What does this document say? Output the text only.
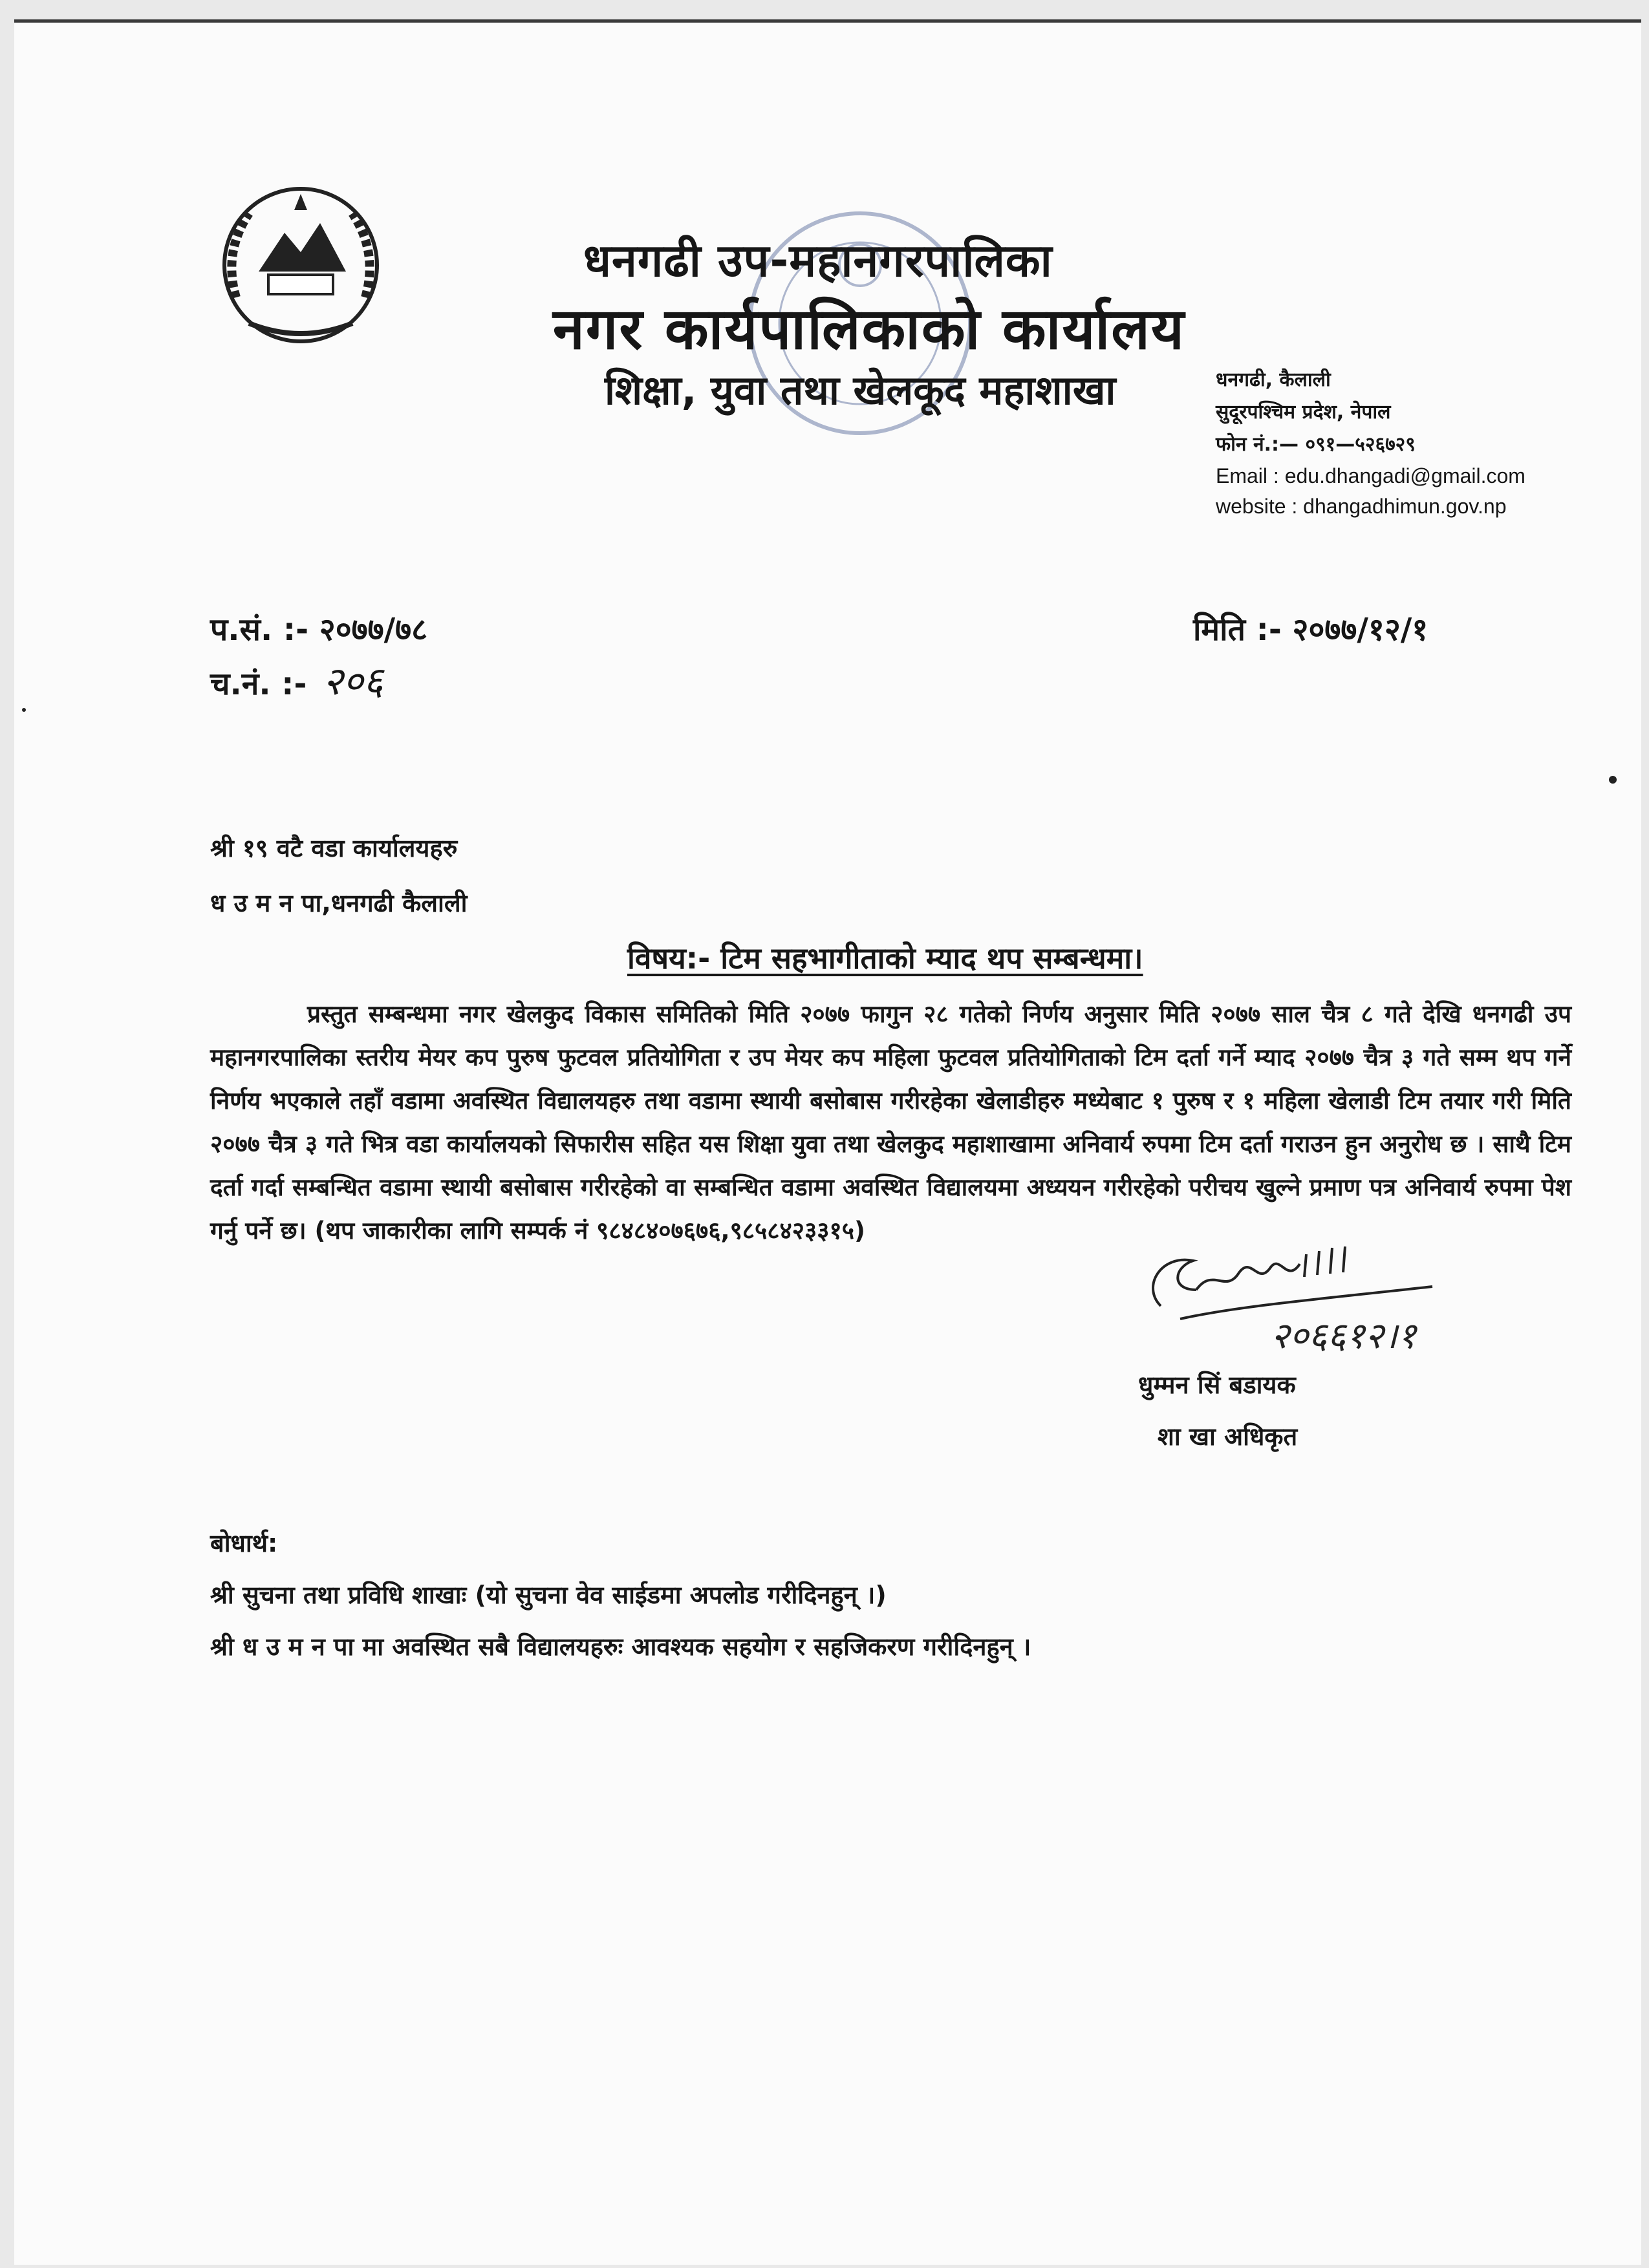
धनगढी उप-महानगरपालिका
नगर कार्यपालिकाको कार्यालय
शिक्षा, युवा तथा खेलकूद महाशाखा	धनगढी, कैलाली
सुदूरपश्चिम प्रदेश, नेपाल
फोन नं.:— ०९१—५२६७२९
Email : edu.dhangadi@gmail.com
website : dhangadhimun.gov.np
प.सं. :- २०७७/७८
च.नं. :- २०६
मिति :- २०७७/१२/१
श्री १९ वटै वडा कार्यालयहरु
ध उ म न पा,धनगढी कैलाली
विषय:- टिम सहभागीताको म्याद थप सम्बन्धमा।
प्रस्तुत सम्बन्धमा नगर खेलकुद विकास समितिको मिति २०७७ फागुन २८ गतेको निर्णय अनुसार मिति २०७७ साल चैत्र ८ गते देखि धनगढी उप महानगरपालिका स्तरीय मेयर कप पुरुष फुटवल प्रतियोगिता र उप मेयर कप महिला फुटवल प्रतियोगिताको टिम दर्ता गर्ने म्याद २०७७ चैत्र ३ गते सम्म थप गर्ने निर्णय भएकाले तहाँ वडामा अवस्थित विद्यालयहरु तथा वडामा स्थायी बसोबास गरीरहेका खेलाडीहरु मध्येबाट १ पुरुष र १ महिला खेलाडी टिम तयार गरी मिति २०७७ चैत्र ३ गते भित्र वडा कार्यालयको सिफारीस सहित यस शिक्षा युवा तथा खेलकुद महाशाखामा अनिवार्य रुपमा टिम दर्ता गराउन हुन अनुरोध छ । साथै टिम दर्ता गर्दा सम्बन्धित वडामा स्थायी बसोबास गरीरहेको वा सम्बन्धित वडामा अवस्थित विद्यालयमा अध्ययन गरीरहेको परीचय खुल्ने प्रमाण पत्र अनिवार्य रुपमा पेश गर्नु पर्ने छ। (थप जाकारीका लागि सम्पर्क नं ९८४८४०७६७६,९८५८४२३३१५)
२०६६१२।१
धुम्मन सिं बडायक
शा खा अधिकृत
बोधार्थ:
श्री सुचना तथा प्रविधि शाखाः (यो सुचना वेव साईडमा अपलोड गरीदिनहुन् ।)
श्री ध उ म न पा मा अवस्थित सबै विद्यालयहरुः आवश्यक सहयोग र सहजिकरण गरीदिनहुन् ।
